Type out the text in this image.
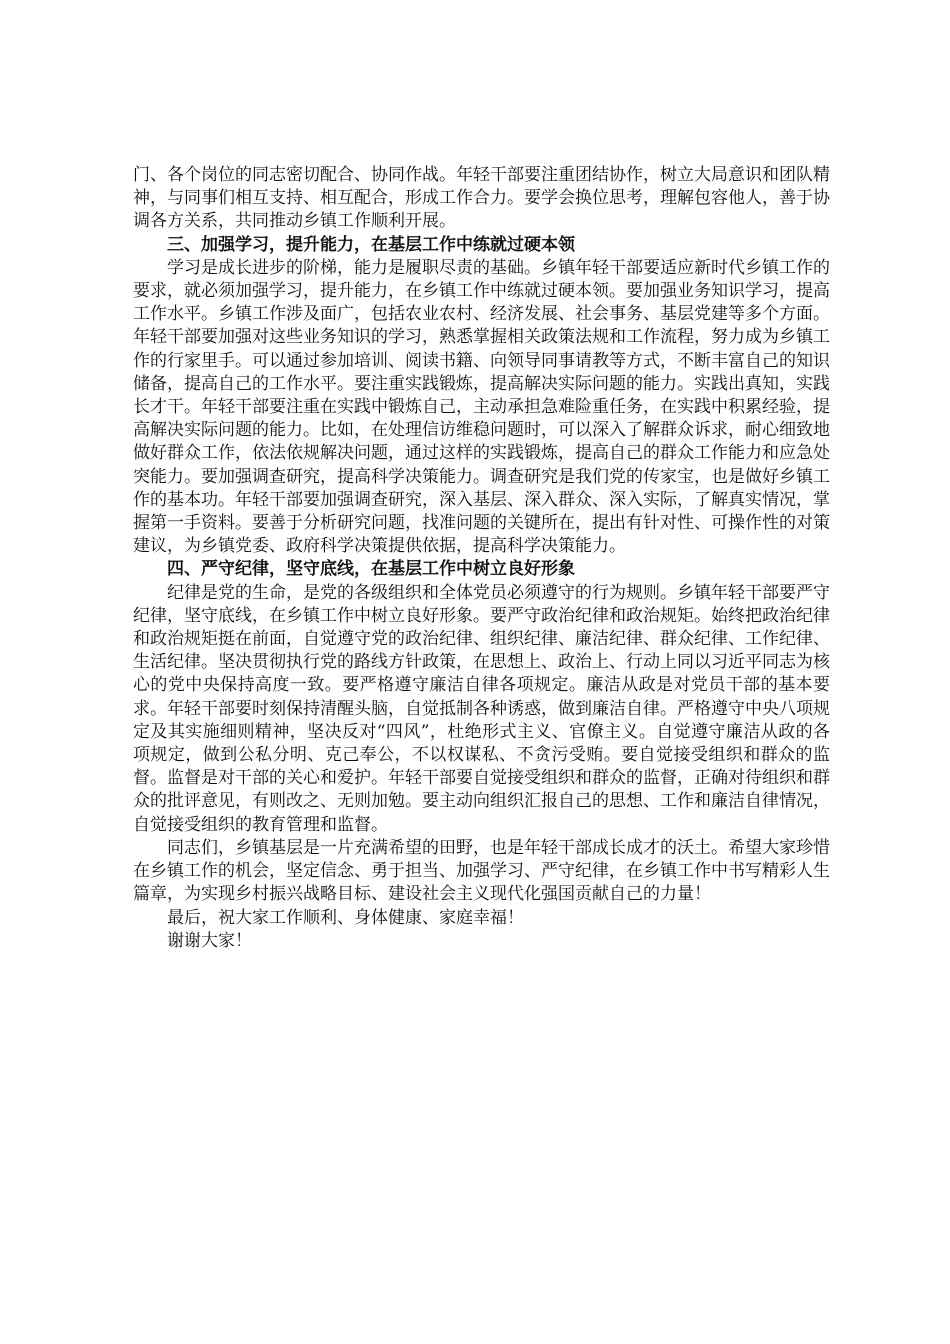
门、各个岗位的同志密切配合、协同作战。年轻干部要注重团结协作，树立大局意识和团队精神，与同事们相互支持、相互配合，形成工作合力。要学会换位思考，理解包容他人，善于协调各方关系，共同推动乡镇工作顺利开展。

三、加强学习，提升能力，在基层工作中练就过硬本领

学习是成长进步的阶梯，能力是履职尽责的基础。乡镇年轻干部要适应新时代乡镇工作的要求，就必须加强学习，提升能力，在乡镇工作中练就过硬本领。要加强业务知识学习，提高工作水平。乡镇工作涉及面广，包括农业农村、经济发展、社会事务、基层党建等多个方面。年轻干部要加强对这些业务知识的学习，熟悉掌握相关政策法规和工作流程，努力成为乡镇工作的行家里手。可以通过参加培训、阅读书籍、向领导同事请教等方式，不断丰富自己的知识储备，提高自己的工作水平。要注重实践锻炼，提高解决实际问题的能力。实践出真知，实践长才干。年轻干部要注重在实践中锻炼自己，主动承担急难险重任务，在实践中积累经验，提高解决实际问题的能力。比如，在处理信访维稳问题时，可以深入了解群众诉求，耐心细致地做好群众工作，依法依规解决问题，通过这样的实践锻炼，提高自己的群众工作能力和应急处突能力。要加强调查研究，提高科学决策能力。调查研究是我们党的传家宝，也是做好乡镇工作的基本功。年轻干部要加强调查研究，深入基层、深入群众、深入实际，了解真实情况，掌握第一手资料。要善于分析研究问题，找准问题的关键所在，提出有针对性、可操作性的对策建议，为乡镇党委、政府科学决策提供依据，提高科学决策能力。

四、严守纪律，坚守底线，在基层工作中树立良好形象

纪律是党的生命，是党的各级组织和全体党员必须遵守的行为规则。乡镇年轻干部要严守纪律，坚守底线，在乡镇工作中树立良好形象。要严守政治纪律和政治规矩。始终把政治纪律和政治规矩挺在前面，自觉遵守党的政治纪律、组织纪律、廉洁纪律、群众纪律、工作纪律、生活纪律。坚决贯彻执行党的路线方针政策，在思想上、政治上、行动上同以习近平同志为核心的党中央保持高度一致。要严格遵守廉洁自律各项规定。廉洁从政是对党员干部的基本要求。年轻干部要时刻保持清醒头脑，自觉抵制各种诱惑，做到廉洁自律。严格遵守中央八项规定及其实施细则精神，坚决反对“四风”，杜绝形式主义、官僚主义。自觉遵守廉洁从政的各项规定，做到公私分明、克己奉公，不以权谋私、不贪污受贿。要自觉接受组织和群众的监督。监督是对干部的关心和爱护。年轻干部要自觉接受组织和群众的监督，正确对待组织和群众的批评意见，有则改之、无则加勉。要主动向组织汇报自己的思想、工作和廉洁自律情况，自觉接受组织的教育管理和监督。

同志们，乡镇基层是一片充满希望的田野，也是年轻干部成长成才的沃土。希望大家珍惜在乡镇工作的机会，坚定信念、勇于担当、加强学习、严守纪律，在乡镇工作中书写精彩人生篇章，为实现乡村振兴战略目标、建设社会主义现代化强国贡献自己的力量！

最后，祝大家工作顺利、身体健康、家庭幸福！

谢谢大家！
